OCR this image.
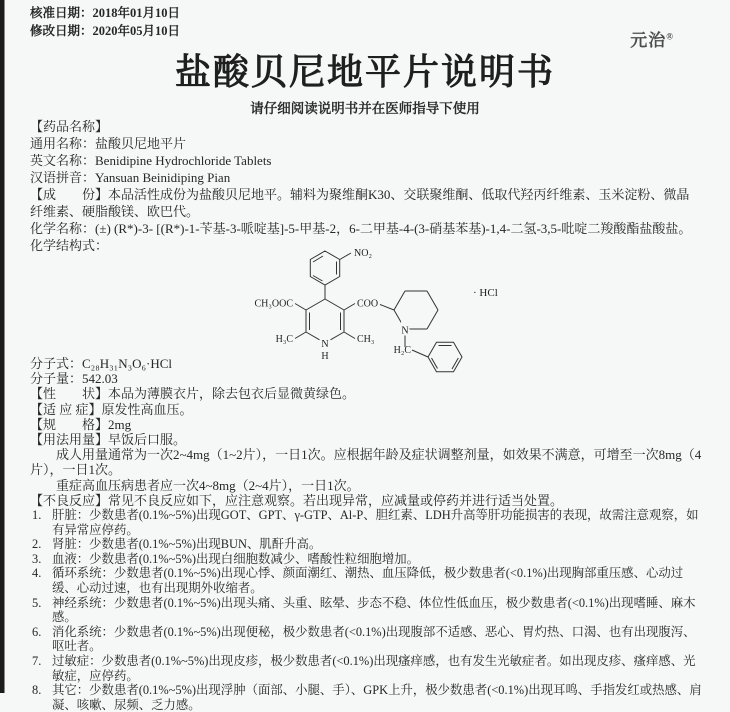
核准日期：2018年01月10日
修改日期：2020年05月10日	元治®
盐酸贝尼地平片说明书
请仔细阅读说明书并在医师指导下使用
【药品名称】
通用名称：盐酸贝尼地平片
英文名称：Benidipine Hydrochloride Tablets
汉语拼音：Yansuan Beinidiping Pian
【成　　份】本品活性成份为盐酸贝尼地平。辅料为聚维酮K30、交联聚维酮、低取代羟丙纤维素、玉米淀粉、微晶纤维素、硬脂酸镁、欧巴代。
化学名称：(±) (R*)-3- [(R*)-1-苄基-3-哌啶基]-5-甲基-2，6-二甲基-4-(3-硝基苯基)-1,4-二氢-3,5-吡啶二羧酸酯盐酸盐。
化学结构式：
NO₂
CH₃OOC	COO
H₃C	CH₃
N
H
N
H₂C
· HCl
分子式：C₂₈H₃₁N₃O₆·HCl
分子量：542.03
【性　　状】本品为薄膜衣片，除去包衣后显微黄绿色。
【适 应 症】原发性高血压。
【规　　格】2mg
【用法用量】早饭后口服。
成人用量通常为一次2~4mg（1~2片），一日1次。应根据年龄及症状调整剂量，如效果不满意，可增至一次8mg（4片），一日1次。
重症高血压病患者应一次4~8mg（2~4片），一日1次。
【不良反应】常见不良反应如下，应注意观察。若出现异常，应减量或停药并进行适当处置。
1. 肝脏：少数患者(0.1%~5%)出现GOT、GPT、γ-GTP、Al-P、胆红素、LDH升高等肝功能损害的表现，故需注意观察，如有异常应停药。
2. 肾脏：少数患者(0.1%~5%)出现BUN、肌酐升高。
3. 血液：少数患者(0.1%~5%)出现白细胞数减少、嗜酸性粒细胞增加。
4. 循环系统：少数患者(0.1%~5%)出现心悸、颜面潮红、潮热、血压降低，极少数患者(<0.1%)出现胸部重压感、心动过缓、心动过速，也有出现期外收缩者。
5. 神经系统：少数患者(0.1%~5%)出现头痛、头重、眩晕、步态不稳、体位性低血压，极少数患者(<0.1%)出现嗜睡、麻木感。
6. 消化系统：少数患者(0.1%~5%)出现便秘，极少数患者(<0.1%)出现腹部不适感、恶心、胃灼热、口渴、也有出现腹泻、呕吐者。
7. 过敏症：少数患者(0.1%~5%)出现皮疹，极少数患者(<0.1%)出现瘙痒感，也有发生光敏症者。如出现皮疹、瘙痒感、光敏症，应停药。
8. 其它：少数患者(0.1%~5%)出现浮肿（面部、小腿、手）、GPK上升，极少数患者(<0.1%)出现耳鸣、手指发红或热感、肩凝、咳嗽、尿频、乏力感。
